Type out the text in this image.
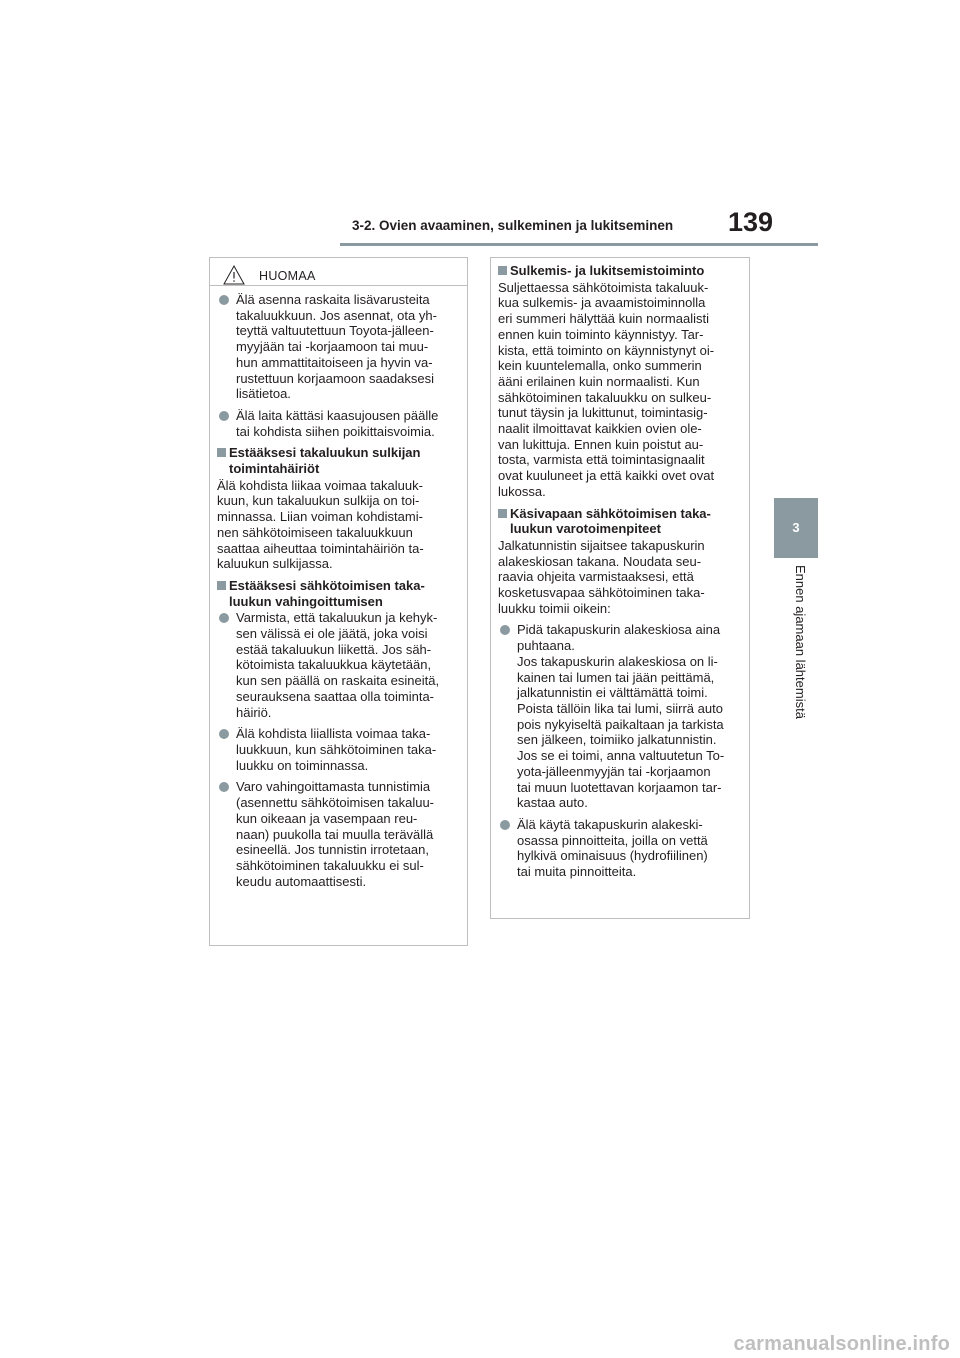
3-2. Ovien avaaminen, sulkeminen ja lukitseminen 139
3
Ennen ajamaan lähtemistä
HUOMAA
Älä asenna raskaita lisävarusteita
takaluukkuun. Jos asennat, ota yh-
teyttä valtuutettuun Toyota-jälleen-
myyjään tai -korjaamoon tai muu-
hun ammattitaitoiseen ja hyvin va-
rustettuun korjaamoon saadaksesi
lisätietoa.
Älä laita kättäsi kaasujousen päälle
tai kohdista siihen poikittaisvoimia.
Estääksesi takaluukun sulkijan
toimintahäiriöt
Älä kohdista liikaa voimaa takaluuk-
kuun, kun takaluukun sulkija on toi-
minnassa. Liian voiman kohdistami-
nen sähkötoimiseen takaluukkuun
saattaa aiheuttaa toimintahäiriön ta-
kaluukun sulkijassa.
Estääksesi sähkötoimisen taka-
luukun vahingoittumisen
Varmista, että takaluukun ja kehyk-
sen välissä ei ole jäätä, joka voisi
estää takaluukun liikettä. Jos säh-
kötoimista takaluukkua käytetään,
kun sen päällä on raskaita esineitä,
seurauksena saattaa olla toiminta-
häiriö.
Älä kohdista liiallista voimaa taka-
luukkuun, kun sähkötoiminen taka-
luukku on toiminnassa.
Varo vahingoittamasta tunnistimia
(asennettu sähkötoimisen takaluu-
kun oikeaan ja vasempaan reu-
naan) puukolla tai muulla terävällä
esineellä. Jos tunnistin irrotetaan,
sähkötoiminen takaluukku ei sul-
keudu automaattisesti.
Sulkemis- ja lukitsemistoiminto
Suljettaessa sähkötoimista takaluuk-
kua sulkemis- ja avaamistoiminnolla
eri summeri hälyttää kuin normaalisti
ennen kuin toiminto käynnistyy. Tar-
kista, että toiminto on käynnistynyt oi-
kein kuuntelemalla, onko summerin
ääni erilainen kuin normaalisti. Kun
sähkötoiminen takaluukku on sulkeu-
tunut täysin ja lukittunut, toimintasig-
naalit ilmoittavat kaikkien ovien ole-
van lukittuja. Ennen kuin poistut au-
tosta, varmista että toimintasignaalit
ovat kuuluneet ja että kaikki ovet ovat
lukossa.
Käsivapaan sähkötoimisen taka-
luukun varotoimenpiteet
Jalkatunnistin sijaitsee takapuskurin
alakeskiosan takana. Noudata seu-
raavia ohjeita varmistaaksesi, että
kosketusvapaa sähkötoiminen taka-
luukku toimii oikein:
Pidä takapuskurin alakeskiosa aina
puhtaana.
Jos takapuskurin alakeskiosa on li-
kainen tai lumen tai jään peittämä,
jalkatunnistin ei välttämättä toimi.
Poista tällöin lika tai lumi, siirrä auto
pois nykyiseltä paikaltaan ja tarkista
sen jälkeen, toimiiko jalkatunnistin.
Jos se ei toimi, anna valtuutetun To-
yota-jälleenmyyjän tai -korjaamon
tai muun luotettavan korjaamon tar-
kastaa auto.
Älä käytä takapuskurin alakeski-
osassa pinnoitteita, joilla on vettä
hylkivä ominaisuus (hydrofiilinen)
tai muita pinnoitteita.
carmanualsonline.info
